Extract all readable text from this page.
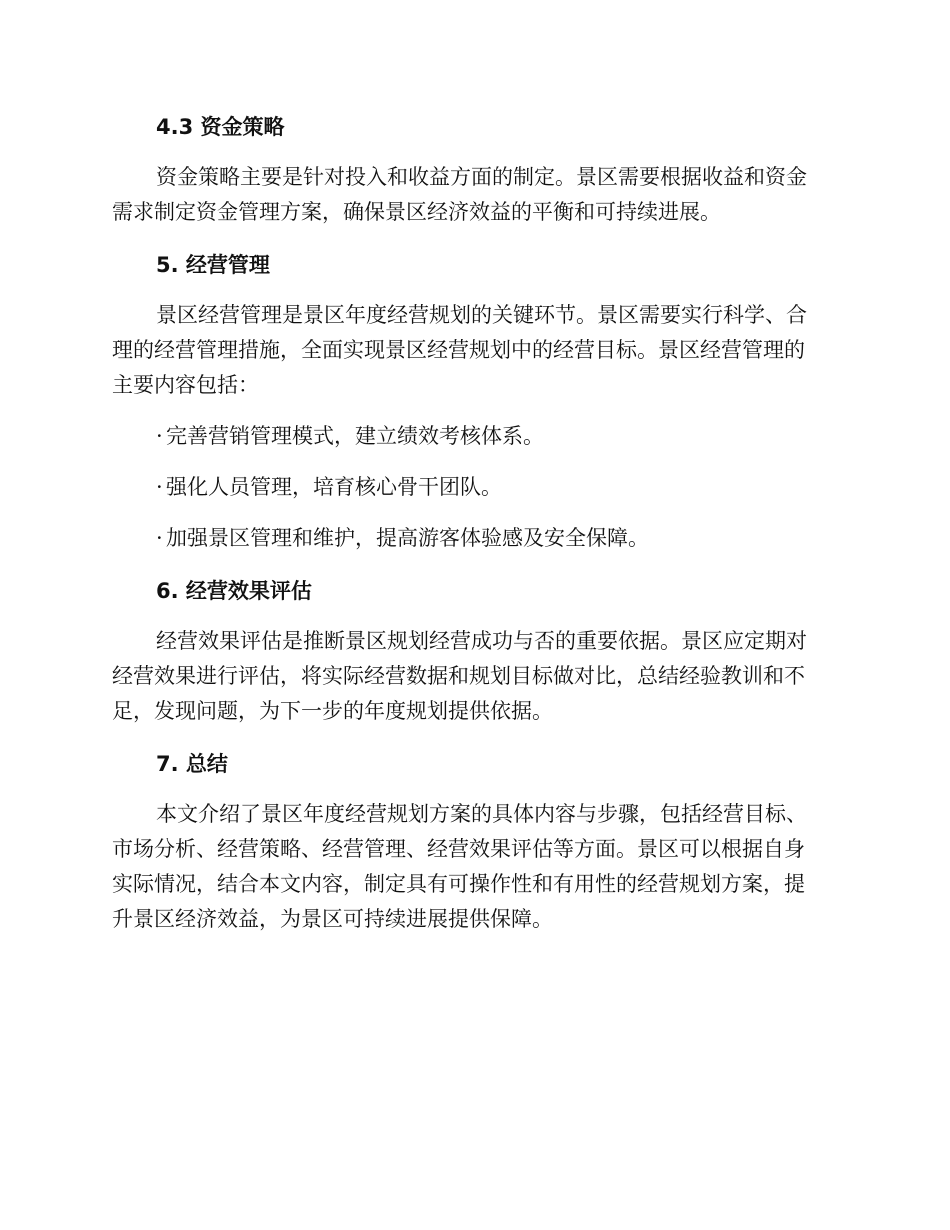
4.3 资金策略
资金策略主要是针对投入和收益方面的制定。景区需要根据收益和资金
需求制定资金管理方案，确保景区经济效益的平衡和可持续进展。
5. 经营管理
景区经营管理是景区年度经营规划的关键环节。景区需要实行科学、合
理的经营管理措施，全面实现景区经营规划中的经营目标。景区经营管理的
主要内容包括：
· 完善营销管理模式，建立绩效考核体系。
· 强化人员管理，培育核心骨干团队。
· 加强景区管理和维护，提高游客体验感及安全保障。
6. 经营效果评估
经营效果评估是推断景区规划经营成功与否的重要依据。景区应定期对
经营效果进行评估，将实际经营数据和规划目标做对比，总结经验教训和不
足，发现问题，为下一步的年度规划提供依据。
7. 总结
本文介绍了景区年度经营规划方案的具体内容与步骤，包括经营目标、
市场分析、经营策略、经营管理、经营效果评估等方面。景区可以根据自身
实际情况，结合本文内容，制定具有可操作性和有用性的经营规划方案，提
升景区经济效益，为景区可持续进展提供保障。
